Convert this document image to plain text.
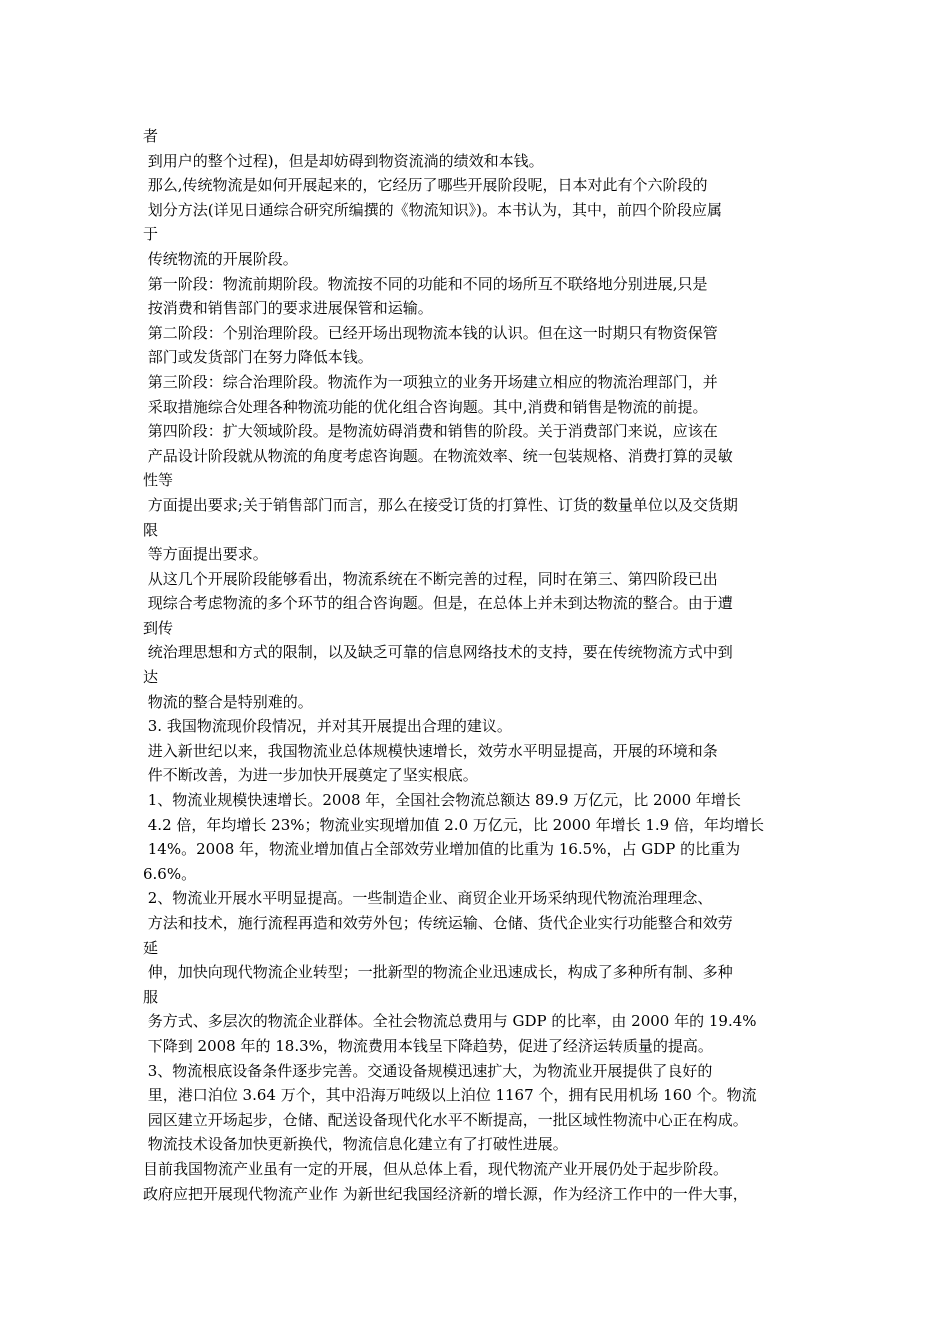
者
到用户的整个过程)，但是却妨碍到物资流淌的绩效和本钱。
那么,传统物流是如何开展起来的，它经历了哪些开展阶段呢，日本对此有个六阶段的
划分方法(详见日通综合研究所编撰的《物流知识》)。本书认为，其中，前四个阶段应属
于
传统物流的开展阶段。
第一阶段：物流前期阶段。物流按不同的功能和不同的场所互不联络地分别进展,只是
按消费和销售部门的要求进展保管和运输。
第二阶段：个别治理阶段。已经开场出现物流本钱的认识。但在这一时期只有物资保管
部门或发货部门在努力降低本钱。
第三阶段：综合治理阶段。物流作为一项独立的业务开场建立相应的物流治理部门，并
采取措施综合处理各种物流功能的优化组合咨询题。其中,消费和销售是物流的前提。
第四阶段：扩大领域阶段。是物流妨碍消费和销售的阶段。关于消费部门来说，应该在
产品设计阶段就从物流的角度考虑咨询题。在物流效率、统一包装规格、消费打算的灵敏
性等
方面提出要求;关于销售部门而言，那么在接受订货的打算性、订货的数量单位以及交货期
限
等方面提出要求。
从这几个开展阶段能够看出，物流系统在不断完善的过程，同时在第三、第四阶段已出
现综合考虑物流的多个环节的组合咨询题。但是，在总体上并未到达物流的整合。由于遭
到传
统治理思想和方式的限制，以及缺乏可靠的信息网络技术的支持，要在传统物流方式中到
达
物流的整合是特别难的。
3. 我国物流现价段情况，并对其开展提出合理的建议。
进入新世纪以来，我国物流业总体规模快速增长，效劳水平明显提高，开展的环境和条
件不断改善，为进一步加快开展奠定了坚实根底。
1、物流业规模快速增长。2008 年，全国社会物流总额达 89.9 万亿元，比 2000 年增长
4.2 倍，年均增长 23%；物流业实现增加值 2.0 万亿元，比 2000 年增长 1.9 倍，年均增长
14%。2008 年，物流业增加值占全部效劳业增加值的比重为 16.5%，占 GDP 的比重为
6.6%。
2、物流业开展水平明显提高。一些制造企业、商贸企业开场采纳现代物流治理理念、
方法和技术，施行流程再造和效劳外包；传统运输、仓储、货代企业实行功能整合和效劳
延
伸，加快向现代物流企业转型；一批新型的物流企业迅速成长，构成了多种所有制、多种
服
务方式、多层次的物流企业群体。全社会物流总费用与 GDP 的比率，由 2000 年的 19.4%
下降到 2008 年的 18.3%，物流费用本钱呈下降趋势，促进了经济运转质量的提高。
3、物流根底设备条件逐步完善。交通设备规模迅速扩大，为物流业开展提供了良好的
里，港口泊位 3.64 万个，其中沿海万吨级以上泊位 1167 个，拥有民用机场 160 个。物流
园区建立开场起步，仓储、配送设备现代化水平不断提高，一批区域性物流中心正在构成。
物流技术设备加快更新换代，物流信息化建立有了打破性进展。
目前我国物流产业虽有一定的开展，但从总体上看，现代物流产业开展仍处于起步阶段。
政府应把开展现代物流产业作 为新世纪我国经济新的增长源，作为经济工作中的一件大事，
